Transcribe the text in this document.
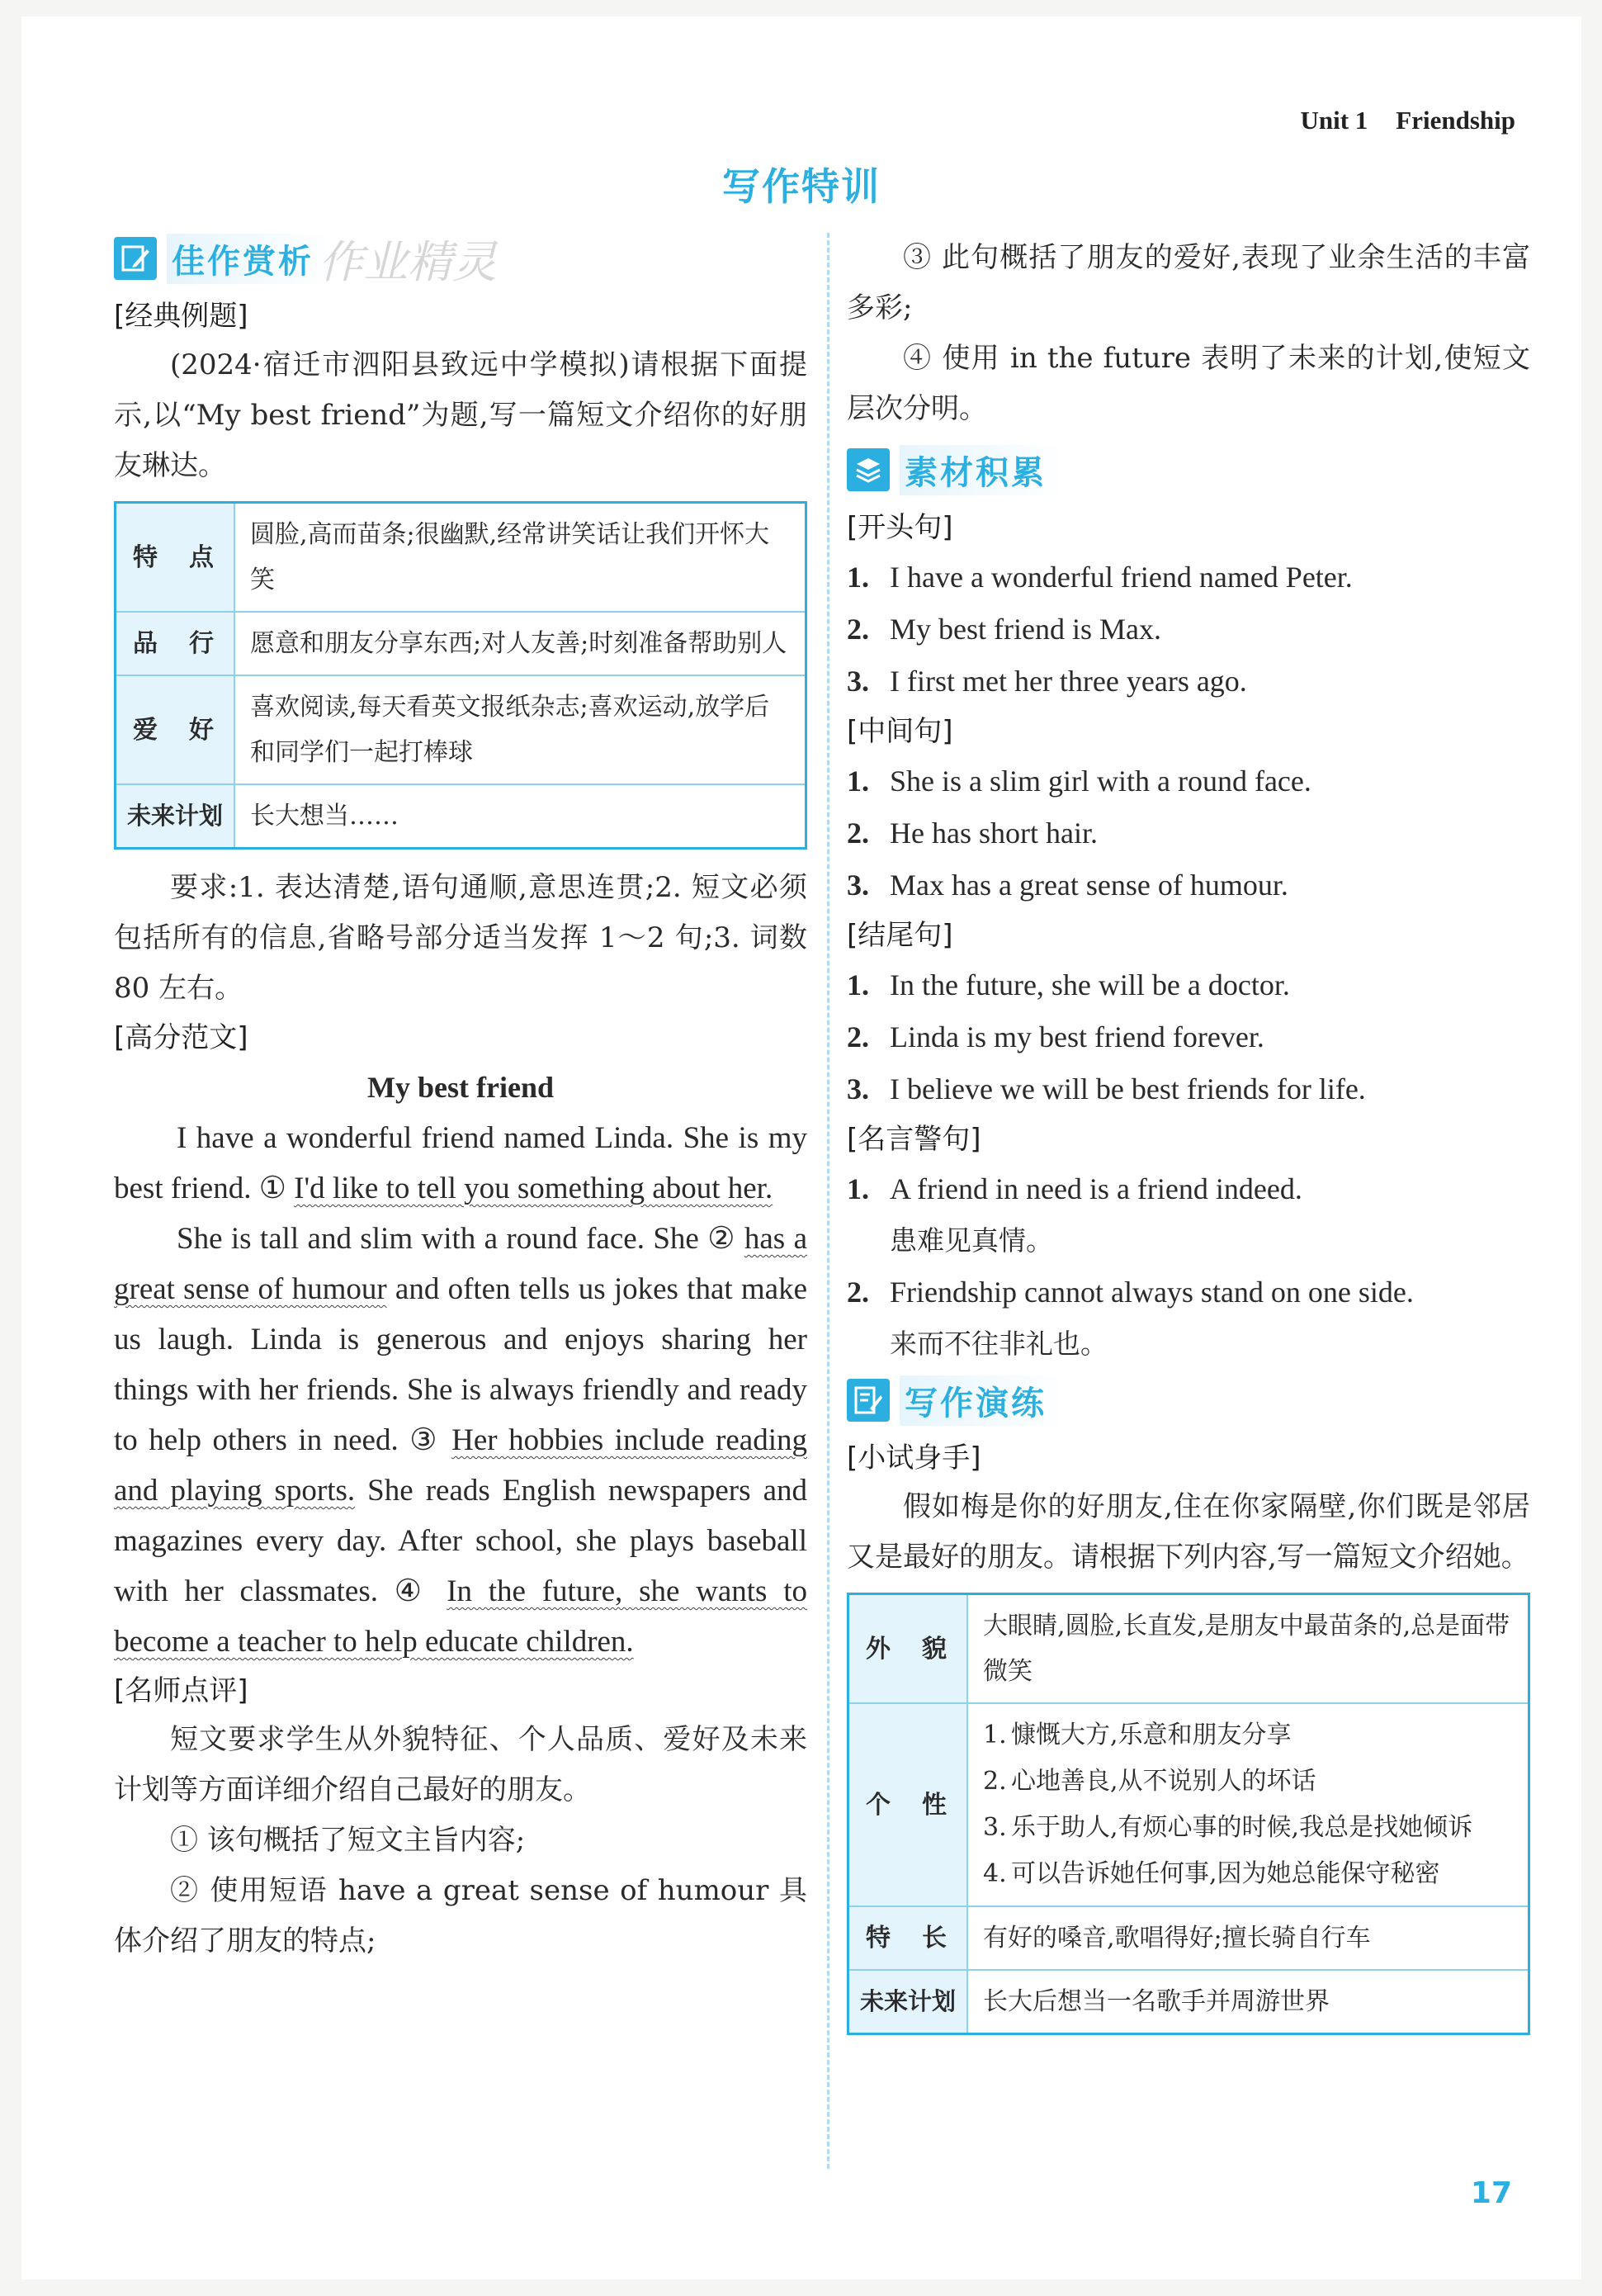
Unit 1 Friendship
写作特训
佳作赏析 作业精灵
[经典例题]
(2024·宿迁市泗阳县致远中学模拟)请根据下面提示,以“My best friend”为题,写一篇短文介绍你的好朋友琳达。
特　点	圆脸,高而苗条;很幽默,经常讲笑话让我们开怀大笑
品　行	愿意和朋友分享东西;对人友善;时刻准备帮助别人
爱　好	喜欢阅读,每天看英文报纸杂志;喜欢运动,放学后和同学们一起打棒球
未来计划	长大想当……
要求:1. 表达清楚,语句通顺,意思连贯;2. 短文必须包括所有的信息,省略号部分适当发挥 1～2 句;3. 词数 80 左右。
[高分范文]
My best friend
I have a wonderful friend named Linda. She is my best friend. ① I'd like to tell you something about her.
She is tall and slim with a round face. She ② has a great sense of humour and often tells us jokes that make us laugh. Linda is generous and enjoys sharing her things with her friends. She is always friendly and ready to help others in need. ③ Her hobbies include reading and playing sports. She reads English newspapers and magazines every day. After school, she plays baseball with her classmates. ④ In the future, she wants to become a teacher to help educate children.
[名师点评]
短文要求学生从外貌特征、个人品质、爱好及未来计划等方面详细介绍自己最好的朋友。
① 该句概括了短文主旨内容;
② 使用短语 have a great sense of humour 具体介绍了朋友的特点;
③ 此句概括了朋友的爱好,表现了业余生活的丰富多彩;
④ 使用 in the future 表明了未来的计划,使短文层次分明。
素材积累
[开头句]
1. I have a wonderful friend named Peter.
2. My best friend is Max.
3. I first met her three years ago.
[中间句]
1. She is a slim girl with a round face.
2. He has short hair.
3. Max has a great sense of humour.
[结尾句]
1. In the future, she will be a doctor.
2. Linda is my best friend forever.
3. I believe we will be best friends for life.
[名言警句]
1. A friend in need is a friend indeed.
患难见真情。
2. Friendship cannot always stand on one side.
来而不往非礼也。
写作演练
[小试身手]
假如梅是你的好朋友,住在你家隔壁,你们既是邻居又是最好的朋友。请根据下列内容,写一篇短文介绍她。
外　貌	大眼睛,圆脸,长直发,是朋友中最苗条的,总是面带微笑
个　性	1. 慷慨大方,乐意和朋友分享
2. 心地善良,从不说别人的坏话
3. 乐于助人,有烦心事的时候,我总是找她倾诉
4. 可以告诉她任何事,因为她总能保守秘密

特　长	有好的嗓音,歌唱得好;擅长骑自行车
未来计划	长大后想当一名歌手并周游世界
17
